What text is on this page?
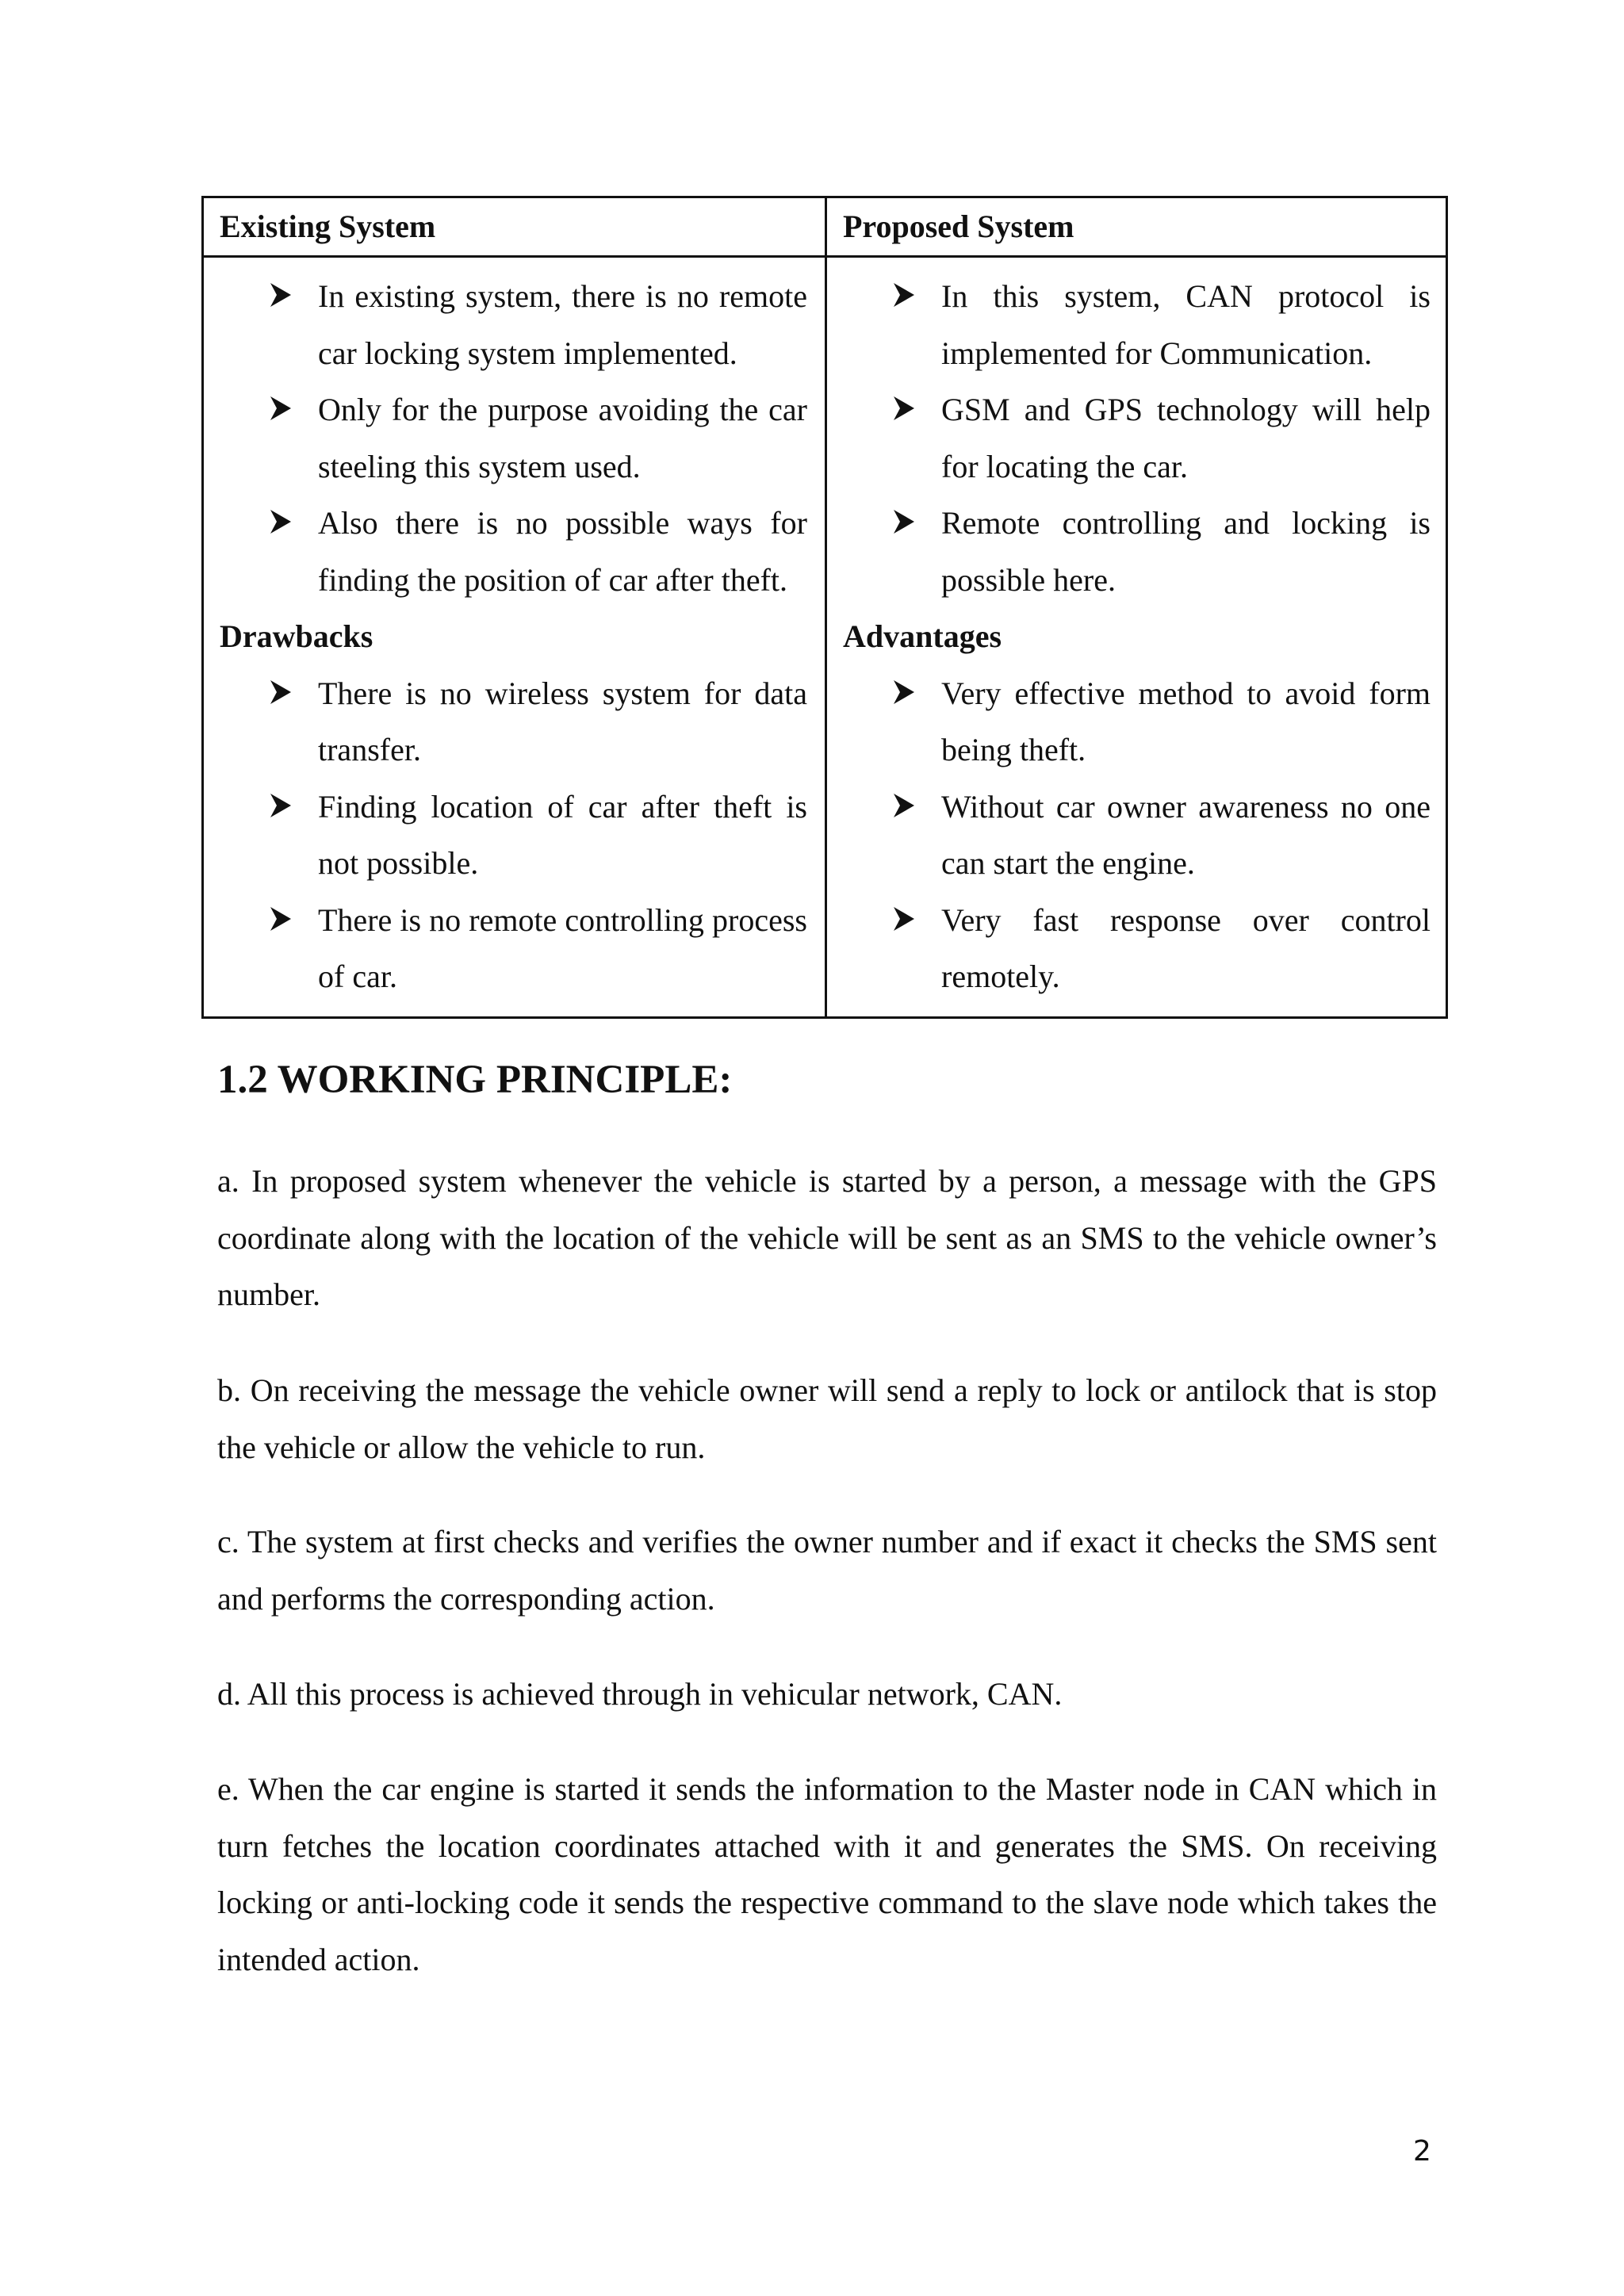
Existing System
In existing system, there is no remote car locking system implemented.
Only for the purpose avoiding the car steeling this system used.
Also there is no possible ways for finding the position of car after theft.
Drawbacks
There is no wireless system for data transfer.
Finding location of car after theft is not possible.
There is no remote controlling process of car.
Proposed System
In this system, CAN protocol is implemented for Communication.
GSM and GPS technology will help for locating the car.
Remote controlling and locking is possible here.
Advantages
Very effective method to avoid form being theft.
Without car owner awareness no one can start the engine.
Very fast response over control remotely.
1.2 WORKING PRINCIPLE:

a. In proposed system whenever the vehicle is started by a person, a message with the GPS coordinate along with the location of the vehicle will be sent as an SMS to the vehicle owner’s number.

b. On receiving the message the vehicle owner will send a reply to lock or antilock that is stop the vehicle or allow the vehicle to run.

c. The system at first checks and verifies the owner number and if exact it checks the SMS sent and performs the corresponding action.

d. All this process is achieved through in vehicular network, CAN.

e. When the car engine is started it sends the information to the Master node in CAN which in turn fetches the location coordinates attached with it and generates the SMS. On receiving locking or anti-locking code it sends the respective command to the slave node which takes the intended action.

2
